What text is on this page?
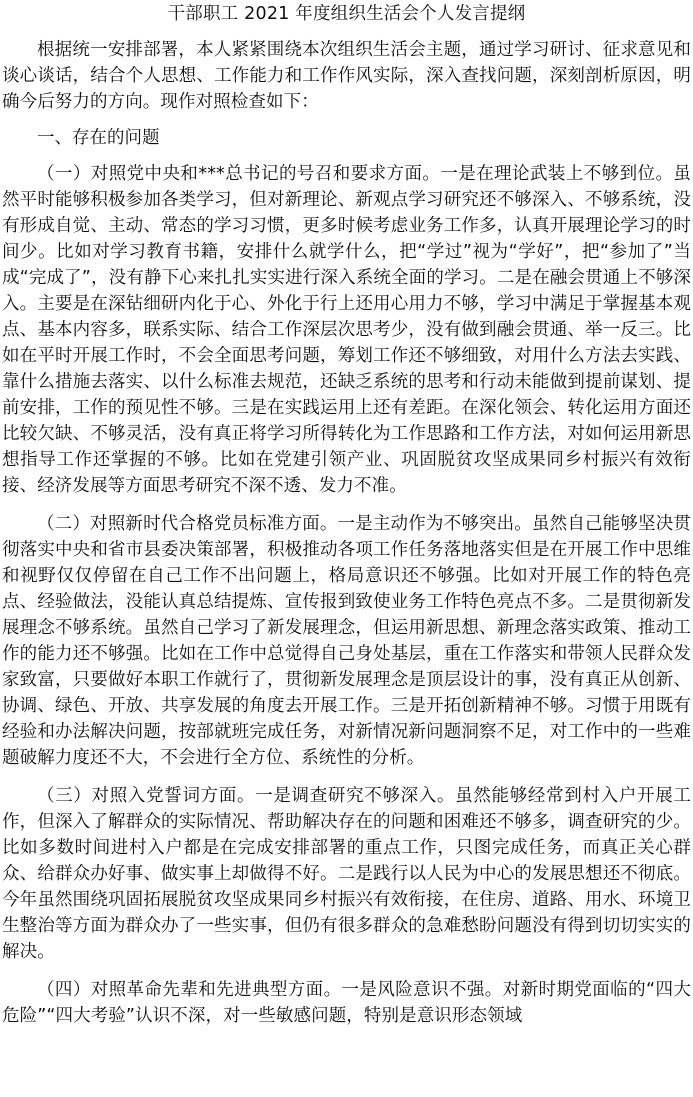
干部职工 2021 年度组织生活会个人发言提纲

根据统一安排部署，本人紧紧围绕本次组织生活会主题，通过学习研讨、征求意见和谈心谈话，结合个人思想、工作能力和工作作风实际，深入查找问题，深刻剖析原因，明确今后努力的方向。现作对照检查如下：

一、存在的问题

（一）对照党中央和***总书记的号召和要求方面。一是在理论武装上不够到位。虽然平时能够积极参加各类学习，但对新理论、新观点学习研究还不够深入、不够系统，没有形成自觉、主动、常态的学习习惯，更多时候考虑业务工作多，认真开展理论学习的时间少。比如对学习教育书籍，安排什么就学什么，把“学过”视为“学好”，把“参加了”当成“完成了”，没有静下心来扎扎实实进行深入系统全面的学习。二是在融会贯通上不够深入。主要是在深钻细研内化于心、外化于行上还用心用力不够，学习中满足于掌握基本观点、基本内容多，联系实际、结合工作深层次思考少，没有做到融会贯通、举一反三。比如在平时开展工作时，不会全面思考问题，筹划工作还不够细致，对用什么方法去实践、靠什么措施去落实、以什么标准去规范，还缺乏系统的思考和行动未能做到提前谋划、提前安排，工作的预见性不够。三是在实践运用上还有差距。在深化领会、转化运用方面还比较欠缺、不够灵活，没有真正将学习所得转化为工作思路和工作方法，对如何运用新思想指导工作还掌握的不够。比如在党建引领产业、巩固脱贫攻坚成果同乡村振兴有效衔接、经济发展等方面思考研究不深不透、发力不准。

（二）对照新时代合格党员标准方面。一是主动作为不够突出。虽然自己能够坚决贯彻落实中央和省市县委决策部署，积极推动各项工作任务落地落实但是在开展工作中思维和视野仅仅停留在自己工作不出问题上，格局意识还不够强。比如对开展工作的特色亮点、经验做法，没能认真总结提炼、宣传报到致使业务工作特色亮点不多。二是贯彻新发展理念不够系统。虽然自己学习了新发展理念，但运用新思想、新理念落实政策、推动工作的能力还不够强。比如在工作中总觉得自己身处基层，重在工作落实和带领人民群众发家致富，只要做好本职工作就行了，贯彻新发展理念是顶层设计的事，没有真正从创新、协调、绿色、开放、共享发展的角度去开展工作。三是开拓创新精神不够。习惯于用既有经验和办法解决问题，按部就班完成任务，对新情况新问题洞察不足，对工作中的一些难题破解力度还不大，不会进行全方位、系统性的分析。

（三）对照入党誓词方面。一是调查研究不够深入。虽然能够经常到村入户开展工作，但深入了解群众的实际情况、帮助解决存在的问题和困难还不够多，调查研究的少。比如多数时间进村入户都是在完成安排部署的重点工作，只图完成任务，而真正关心群众、给群众办好事、做实事上却做得不好。二是践行以人民为中心的发展思想还不彻底。今年虽然围绕巩固拓展脱贫攻坚成果同乡村振兴有效衔接，在住房、道路、用水、环境卫生整治等方面为群众办了一些实事，但仍有很多群众的急难愁盼问题没有得到切切实实的解决。

（四）对照革命先辈和先进典型方面。一是风险意识不强。对新时期党面临的“四大危险”“四大考验”认识不深，对一些敏感问题，特别是意识形态领域
